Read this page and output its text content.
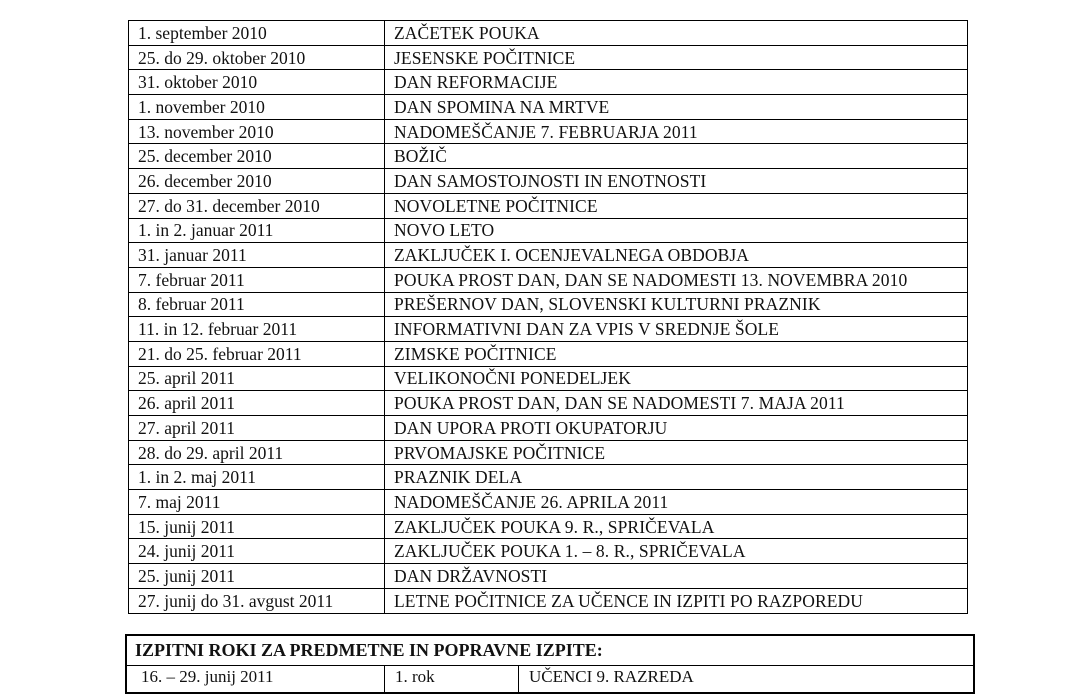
1. september 2010	ZAČETEK POUKA
25. do 29. oktober 2010	JESENSKE POČITNICE
31. oktober 2010	DAN REFORMACIJE
1. november 2010	DAN SPOMINA NA MRTVE
13. november 2010	NADOMEŠČANJE 7. FEBRUARJA 2011
25. december 2010	BOŽIČ
26. december 2010	DAN SAMOSTOJNOSTI IN ENOTNOSTI
27. do 31. december 2010	NOVOLETNE POČITNICE
1. in 2. januar 2011	NOVO LETO
31. januar 2011	ZAKLJUČEK I. OCENJEVALNEGA OBDOBJA
7. februar 2011	POUKA PROST DAN, DAN SE NADOMESTI 13. NOVEMBRA 2010
8. februar 2011	PREŠERNOV DAN, SLOVENSKI KULTURNI PRAZNIK
11. in 12. februar 2011	INFORMATIVNI DAN ZA VPIS V SREDNJE ŠOLE
21. do 25. februar 2011	ZIMSKE POČITNICE
25. april 2011	VELIKONOČNI PONEDELJEK
26. april 2011	POUKA PROST DAN, DAN SE NADOMESTI 7. MAJA 2011
27. april 2011	DAN UPORA PROTI OKUPATORJU
28. do 29. april 2011	PRVOMAJSKE POČITNICE
1. in 2. maj 2011	PRAZNIK DELA
7. maj 2011	NADOMEŠČANJE 26. APRILA 2011
15. junij 2011	ZAKLJUČEK POUKA 9. R., SPRIČEVALA
24. junij 2011	ZAKLJUČEK POUKA 1. – 8. R., SPRIČEVALA
25. junij 2011	DAN DRŽAVNOSTI
27. junij do 31. avgust 2011	LETNE POČITNICE ZA UČENCE IN IZPITI PO RAZPOREDU
IZPITNI ROKI ZA PREDMETNE IN POPRAVNE IZPITE:
16. – 29. junij 2011	1. rok	UČENCI 9. RAZREDA
